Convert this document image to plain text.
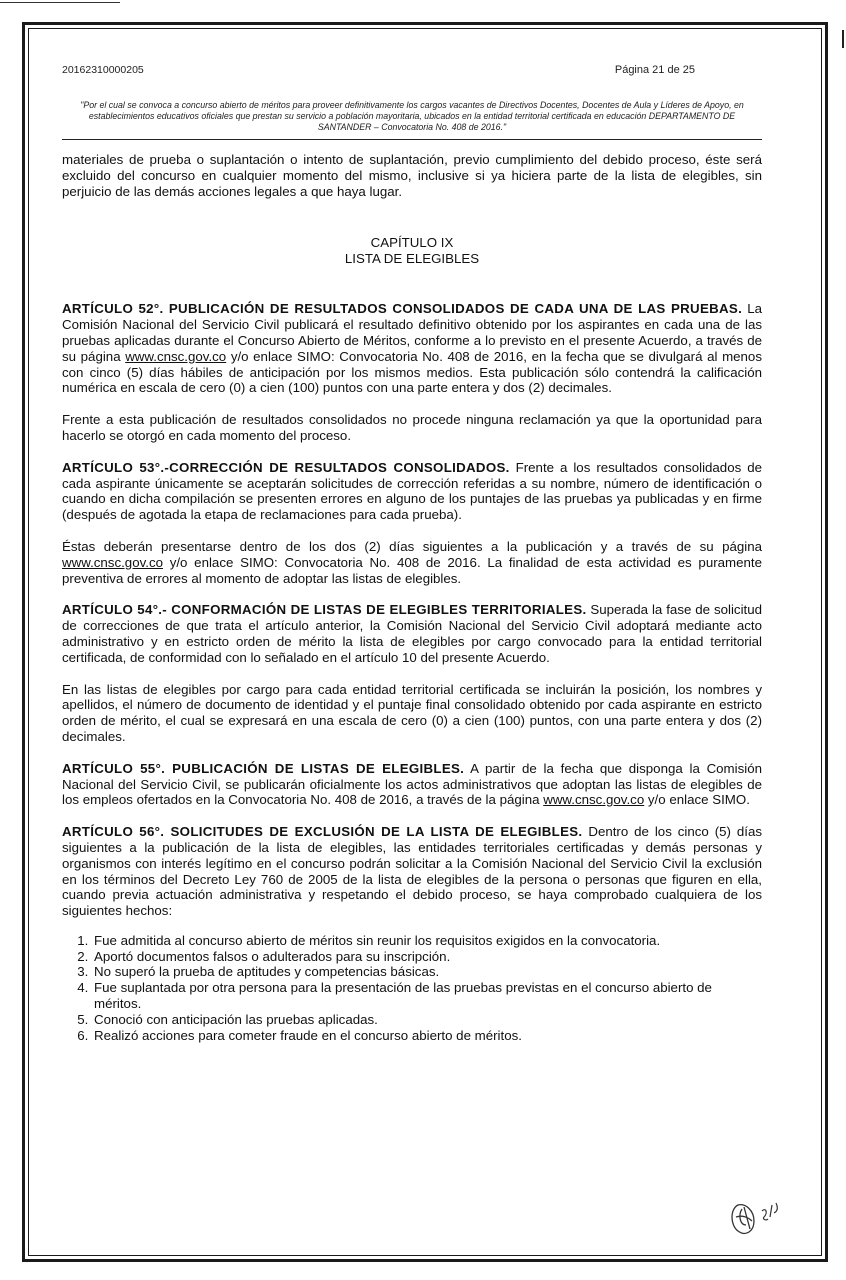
20162310000205	Página 21 de 25
"Por el cual se convoca a concurso abierto de méritos para proveer definitivamente los cargos vacantes de Directivos Docentes, Docentes de Aula y Líderes de Apoyo, en establecimientos educativos oficiales que prestan su servicio a población mayoritaria, ubicados en la entidad territorial certificada en educación DEPARTAMENTO DE SANTANDER – Convocatoria No. 408 de 2016."

materiales de prueba o suplantación o intento de suplantación, previo cumplimiento del debido proceso, éste será excluido del concurso en cualquier momento del mismo, inclusive si ya hiciera parte de la lista de elegibles, sin perjuicio de las demás acciones legales a que haya lugar.

CAPÍTULO IX
LISTA DE ELEGIBLES

ARTÍCULO 52°. PUBLICACIÓN DE RESULTADOS CONSOLIDADOS DE CADA UNA DE LAS PRUEBAS. La Comisión Nacional del Servicio Civil publicará el resultado definitivo obtenido por los aspirantes en cada una de las pruebas aplicadas durante el Concurso Abierto de Méritos, conforme a lo previsto en el presente Acuerdo, a través de su página www.cnsc.gov.co y/o enlace SIMO: Convocatoria No. 408 de 2016, en la fecha que se divulgará al menos con cinco (5) días hábiles de anticipación por los mismos medios. Esta publicación sólo contendrá la calificación numérica en escala de cero (0) a cien (100) puntos con una parte entera y dos (2) decimales.

Frente a esta publicación de resultados consolidados no procede ninguna reclamación ya que la oportunidad para hacerlo se otorgó en cada momento del proceso.

ARTÍCULO 53°.-CORRECCIÓN DE RESULTADOS CONSOLIDADOS. Frente a los resultados consolidados de cada aspirante únicamente se aceptarán solicitudes de corrección referidas a su nombre, número de identificación o cuando en dicha compilación se presenten errores en alguno de los puntajes de las pruebas ya publicadas y en firme (después de agotada la etapa de reclamaciones para cada prueba).

Éstas deberán presentarse dentro de los dos (2) días siguientes a la publicación y a través de su página www.cnsc.gov.co y/o enlace SIMO: Convocatoria No. 408 de 2016. La finalidad de esta actividad es puramente preventiva de errores al momento de adoptar las listas de elegibles.

ARTÍCULO 54°.- CONFORMACIÓN DE LISTAS DE ELEGIBLES TERRITORIALES. Superada la fase de solicitud de correcciones de que trata el artículo anterior, la Comisión Nacional del Servicio Civil adoptará mediante acto administrativo y en estricto orden de mérito la lista de elegibles por cargo convocado para la entidad territorial certificada, de conformidad con lo señalado en el artículo 10 del presente Acuerdo.

En las listas de elegibles por cargo para cada entidad territorial certificada se incluirán la posición, los nombres y apellidos, el número de documento de identidad y el puntaje final consolidado obtenido por cada aspirante en estricto orden de mérito, el cual se expresará en una escala de cero (0) a cien (100) puntos, con una parte entera y dos (2) decimales.

ARTÍCULO 55°. PUBLICACIÓN DE LISTAS DE ELEGIBLES. A partir de la fecha que disponga la Comisión Nacional del Servicio Civil, se publicarán oficialmente los actos administrativos que adoptan las listas de elegibles de los empleos ofertados en la Convocatoria No. 408 de 2016, a través de la página www.cnsc.gov.co y/o enlace SIMO.

ARTÍCULO 56°. SOLICITUDES DE EXCLUSIÓN DE LA LISTA DE ELEGIBLES. Dentro de los cinco (5) días siguientes a la publicación de la lista de elegibles, las entidades territoriales certificadas y demás personas y organismos con interés legítimo en el concurso podrán solicitar a la Comisión Nacional del Servicio Civil la exclusión en los términos del Decreto Ley 760 de 2005 de la lista de elegibles de la persona o personas que figuren en ella, cuando previa actuación administrativa y respetando el debido proceso, se haya comprobado cualquiera de los siguientes hechos:

1. Fue admitida al concurso abierto de méritos sin reunir los requisitos exigidos en la convocatoria.
2. Aportó documentos falsos o adulterados para su inscripción.
3. No superó la prueba de aptitudes y competencias básicas.
4. Fue suplantada por otra persona para la presentación de las pruebas previstas en el concurso abierto de méritos.
5. Conoció con anticipación las pruebas aplicadas.
6. Realizó acciones para cometer fraude en el concurso abierto de méritos.
